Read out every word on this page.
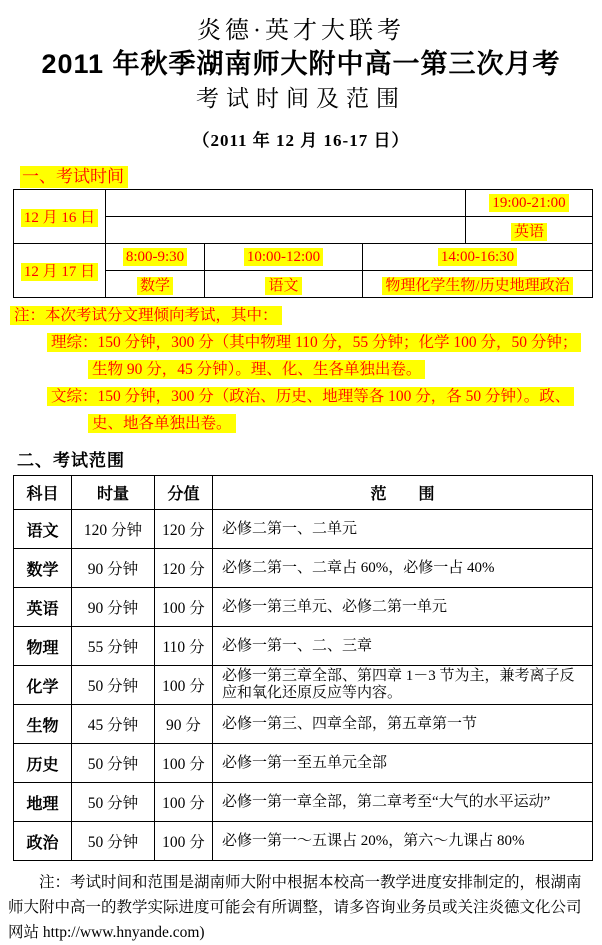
炎德·英才大联考
2011 年秋季湖南师大附中高一第三次月考
考试时间及范围
（2011 年 12 月 16-17 日）
一、考试时间
12 月 16 日				19:00-21:00
				英语
12 月 17 日	8:00-9:30	10:00-12:00	14:00-16:30	
	数学	语文	物理化学生物/历史地理政治	
注：本次考试分文理倾向考试，其中：
理综：150 分钟，300 分（其中物理 110 分，55 分钟；化学 100 分，50 分钟；
生物 90 分，45 分钟）。理、化、生各单独出卷。
文综：150 分钟，300 分（政治、历史、地理等各 100 分，各 50 分钟）。政、
史、地各单独出卷。
二、考试范围
科目	时量	分值	范　　围
语文	120 分钟	120 分	必修二第一、二单元
数学	90 分钟	120 分	必修二第一、二章占 60%，必修一占 40%
英语	90 分钟	100 分	必修一第三单元、必修二第一单元
物理	55 分钟	110 分	必修一第一、二、三章
化学	50 分钟	100 分	必修一第三章全部、第四章 1－3 节为主，兼考离子反应和氧化还原反应等内容。
生物	45 分钟	90 分	必修一第三、四章全部，第五章第一节
历史	50 分钟	100 分	必修一第一至五单元全部
地理	50 分钟	100 分	必修一第一章全部，第二章考至“大气的水平运动”
政治	50 分钟	100 分	必修一第一～五课占 20%，第六～九课占 80%
注：考试时间和范围是湖南师大附中根据本校高一教学进度安排制定的，根湖南师大附中高一的教学实际进度可能会有所调整，请多咨询业务员或关注炎德文化公司网站 http://www.hnyande.com)
